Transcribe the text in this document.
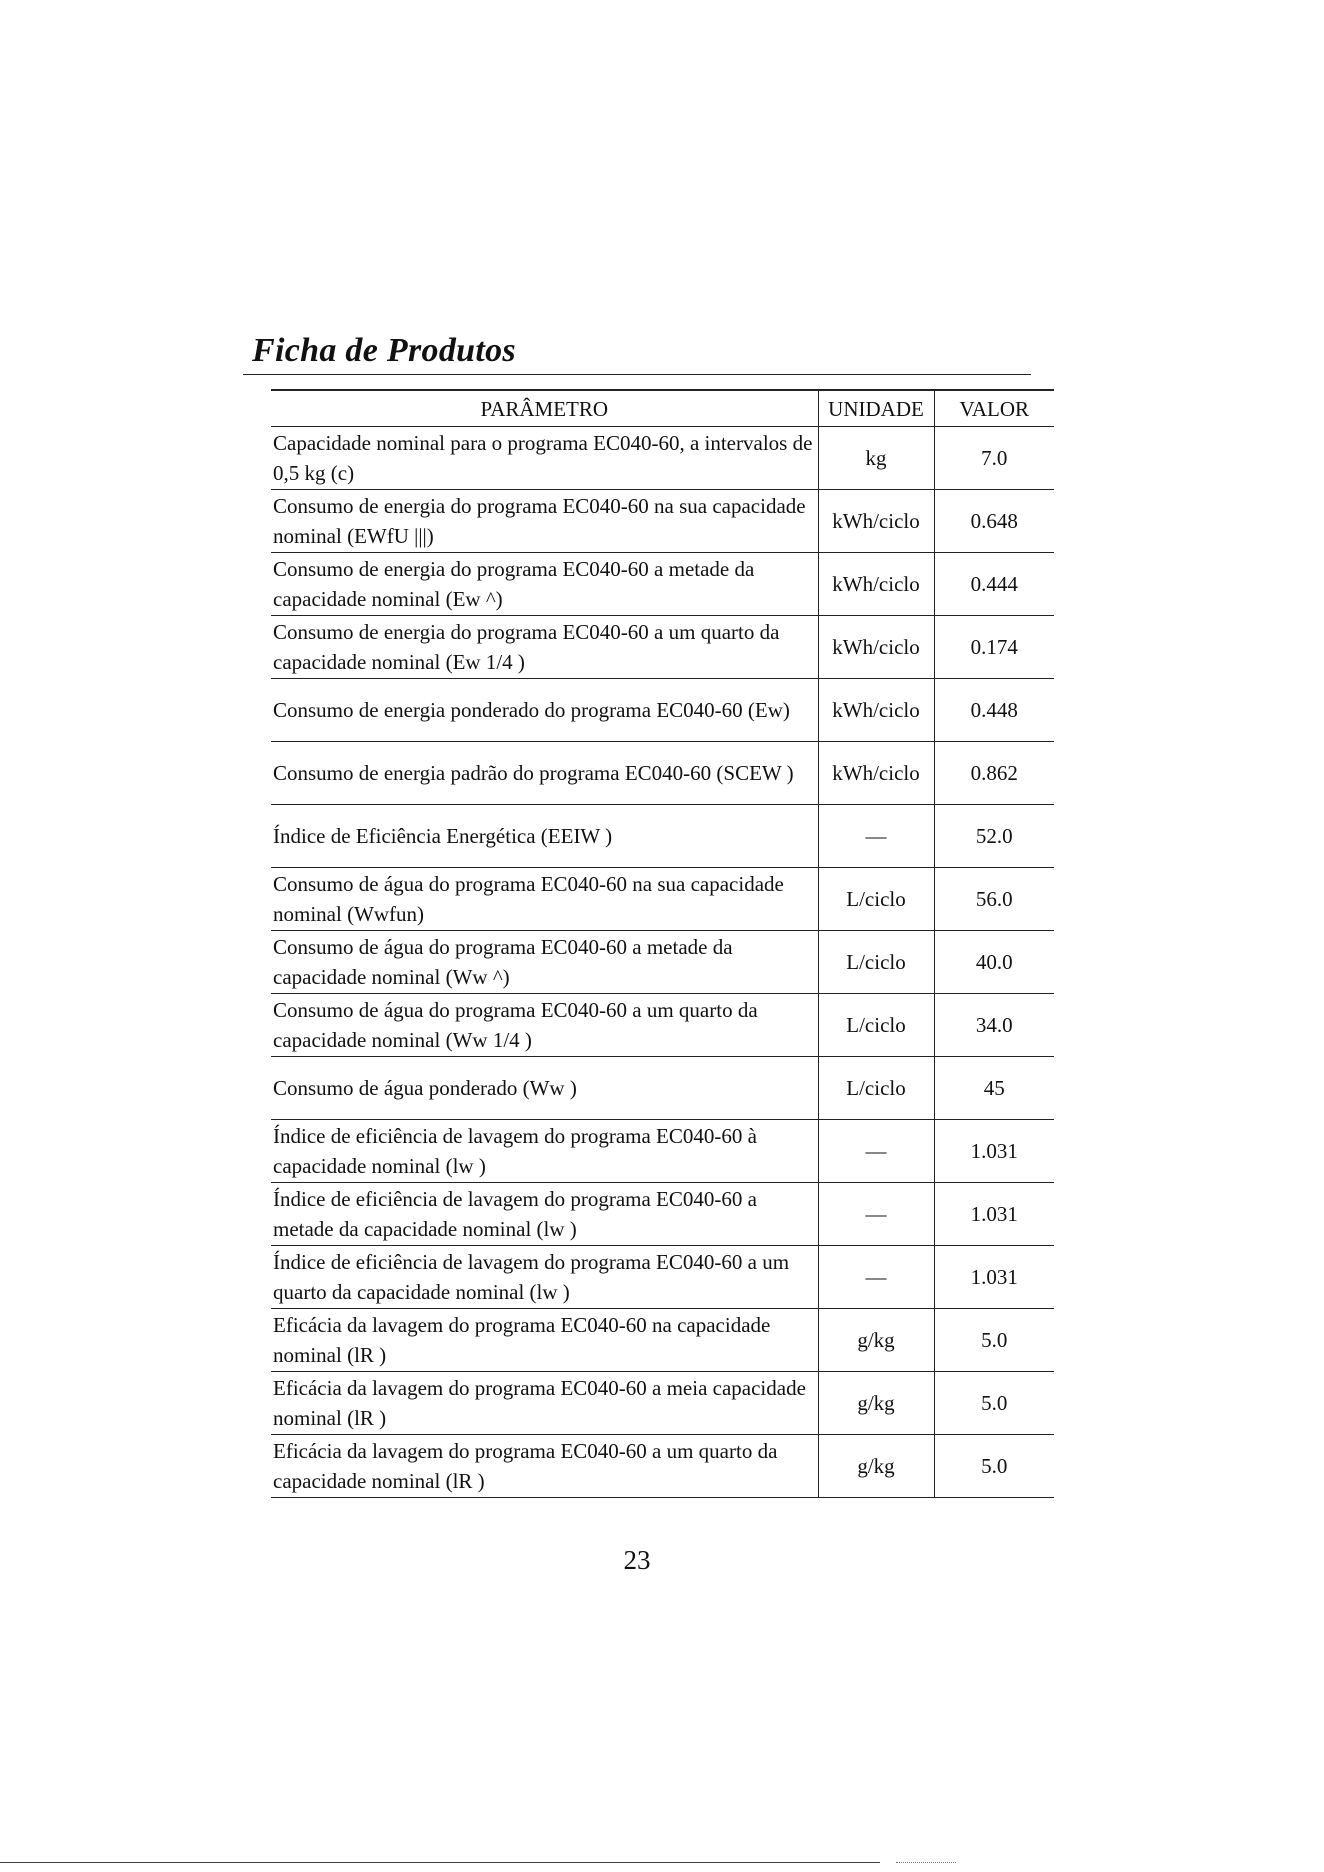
Ficha de Produtos
PARÂMETRO	UNIDADE	VALOR

Capacidade nominal para o programa EC040-60, a intervalos de 0,5 kg (c)	kg	7.0

Consumo de energia do programa EC040-60 na sua capacidade nominal (EWfU |||)	kWh/ciclo	0.648

Consumo de energia do programa EC040-60 a metade da capacidade nominal (Ew ^)	kWh/ciclo	0.444

Consumo de energia do programa EC040-60 a um quarto da capacidade nominal (Ew 1/4 )	kWh/ciclo	0.174

Consumo de energia ponderado do programa EC040-60 (Ew)	kWh/ciclo	0.448

Consumo de energia padrão do programa EC040-60 (SCEW )	kWh/ciclo	0.862

Índice de Eficiência Energética (EEIW )	—	52.0

Consumo de água do programa EC040-60 na sua capacidade nominal (Wwfun)	L/ciclo	56.0

Consumo de água do programa EC040-60 a metade da capacidade nominal (Ww ^)	L/ciclo	40.0

Consumo de água do programa EC040-60 a um quarto da capacidade nominal (Ww 1/4 )	L/ciclo	34.0

Consumo de água ponderado (Ww )	L/ciclo	45

Índice de eficiência de lavagem do programa EC040-60 à capacidade nominal (lw )	—	1.031

Índice de eficiência de lavagem do programa EC040-60 a metade da capacidade nominal (lw )	—	1.031

Índice de eficiência de lavagem do programa EC040-60 a um quarto da capacidade nominal (lw )	—	1.031

Eficácia da lavagem do programa EC040-60 na capacidade nominal (lR )	g/kg	5.0

Eficácia da lavagem do programa EC040-60 a meia capacidade nominal (lR )	g/kg	5.0

Eficácia da lavagem do programa EC040-60 a um quarto da capacidade nominal (lR )	g/kg	5.0
23
